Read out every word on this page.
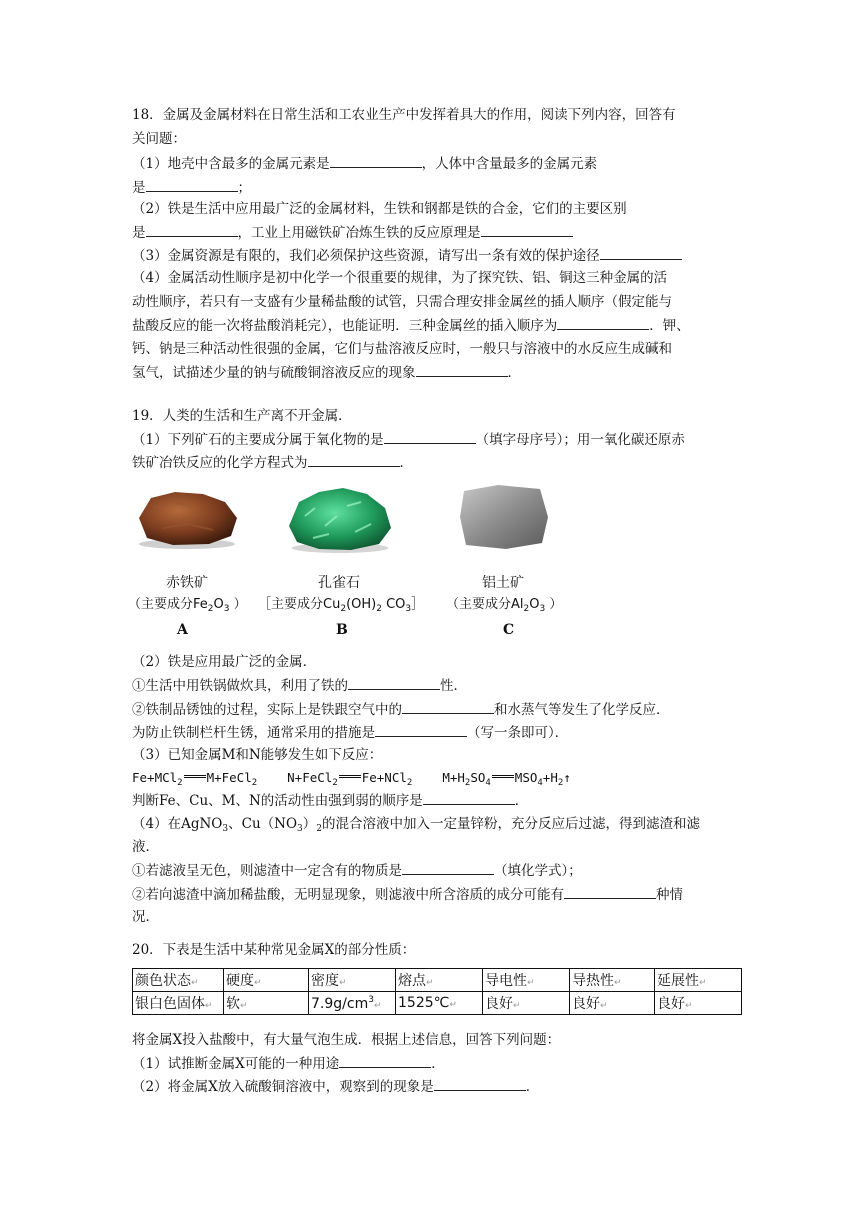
18．金属及金属材料在日常生活和工农业生产中发挥着具大的作用，阅读下列内容，回答有
关问题：
（1）地壳中含最多的金属元素是	，人体中含量最多的金属元素
是	；
（2）铁是生活中应用最广泛的金属材料，生铁和钢都是铁的合金，它们的主要区别
是	，工业上用磁铁矿冶炼生铁的反应原理是
（3）金属资源是有限的，我们必须保护这些资源，请写出一条有效的保护途径
（4）金属活动性顺序是初中化学一个很重要的规律，为了探究铁、铝、铜这三种金属的活
动性顺序，若只有一支盛有少量稀盐酸的试管，只需合理安排金属丝的插人顺序（假定能与
盐酸反应的能一次将盐酸消耗完），也能证明．三种金属丝的插入顺序为	．钾、
钙、钠是三种活动性很强的金属，它们与盐溶液反应时，一般只与溶液中的水反应生成碱和
氢气，试描述少量的钠与硫酸铜溶液反应的现象	．
19．人类的生活和生产离不开金属．
（1）下列矿石的主要成分属于氧化物的是	（填字母序号）；用一氧化碳还原赤
铁矿冶铁反应的化学方程式为	．
赤铁矿	孔雀石	铝土矿
（主要成分$Fe_2O_3$ ） ［主要成分$Cu_2(OH)_2$ $CO_3]$ （主要成分$Al_2O_3$ ）
A	B	C
（2）铁是应用最广泛的金属．
①生活中用铁锅做炊具，利用了铁的	性．
②铁制品锈蚀的过程，实际上是铁跟空气中的	和水蒸气等发生了化学反应．
为防止铁制栏杆生锈，通常采用的措施是	（写一条即可）．
（3）已知金属M和N能够发生如下反应：
Fe+MCl$_2$ M+FeCl$_2$ N+FeCl$_2$ Fe+NCl$_2$ $M+H_2SO_4$ $MSO_4+H_2↑$
判断Fe、Cu、M、N的活动性由强到弱的顺序是	．
（4）在AgNO$_3$、$Cu(NO_3)_2$的混合溶液中加入一定量锌粉，充分反应后过滤，得到滤渣和滤
液．
①若滤液呈无色，则滤渣中一定含有的物质是	（填化学式）；
②若向滤渣中滴加稀盐酸，无明显现象，则滤液中所含溶质的成分可能有	种情
况．
20．下表是生活中某种常见金属X的部分性质：
颜色状态↵	硬度↵	密度↵	熔点↵	导电性↵	导热性↵	延展性↵
银白色固体↵	软↵	$7.9g/cm^3↵$	1525℃↵	良好↵	良好↵	良好↵
将金属X投入盐酸中，有大量气泡生成．根据上述信息，回答下列问题：
（1）试推断金属X可能的一种用途	．
（2）将金属X放入硫酸铜溶液中，观察到的现象是	．
